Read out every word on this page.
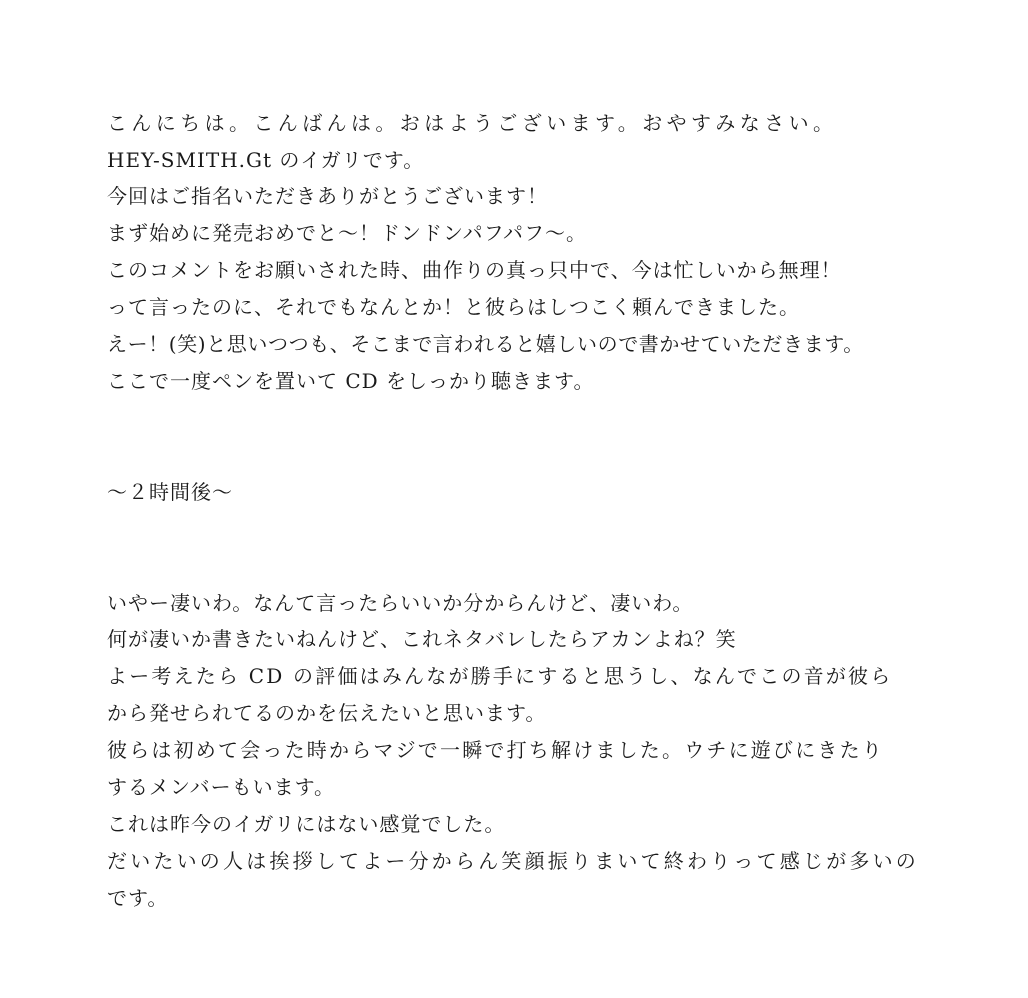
こんにちは。こんばんは。おはようございます。おやすみなさい。
HEY-SMITH.Gt のイガリです。
今回はご指名いただきありがとうございます！
まず始めに発売おめでと〜！ドンドンパフパフ〜。
このコメントをお願いされた時、曲作りの真っ只中で、今は忙しいから無理！
って言ったのに、それでもなんとか！と彼らはしつこく頼んできました。
えー！(笑)と思いつつも、そこまで言われると嬉しいので書かせていただきます。
ここで一度ペンを置いて CD をしっかり聴きます。
〜２時間後〜
いやー凄いわ。なんて言ったらいいか分からんけど、凄いわ。
何が凄いか書きたいねんけど、これネタバレしたらアカンよね？笑
よー考えたら CD の評価はみんなが勝手にすると思うし、なんでこの音が彼ら
から発せられてるのかを伝えたいと思います。
彼らは初めて会った時からマジで一瞬で打ち解けました。ウチに遊びにきたり
するメンバーもいます。
これは昨今のイガリにはない感覚でした。
だいたいの人は挨拶してよー分からん笑顔振りまいて終わりって感じが多いの
です。
